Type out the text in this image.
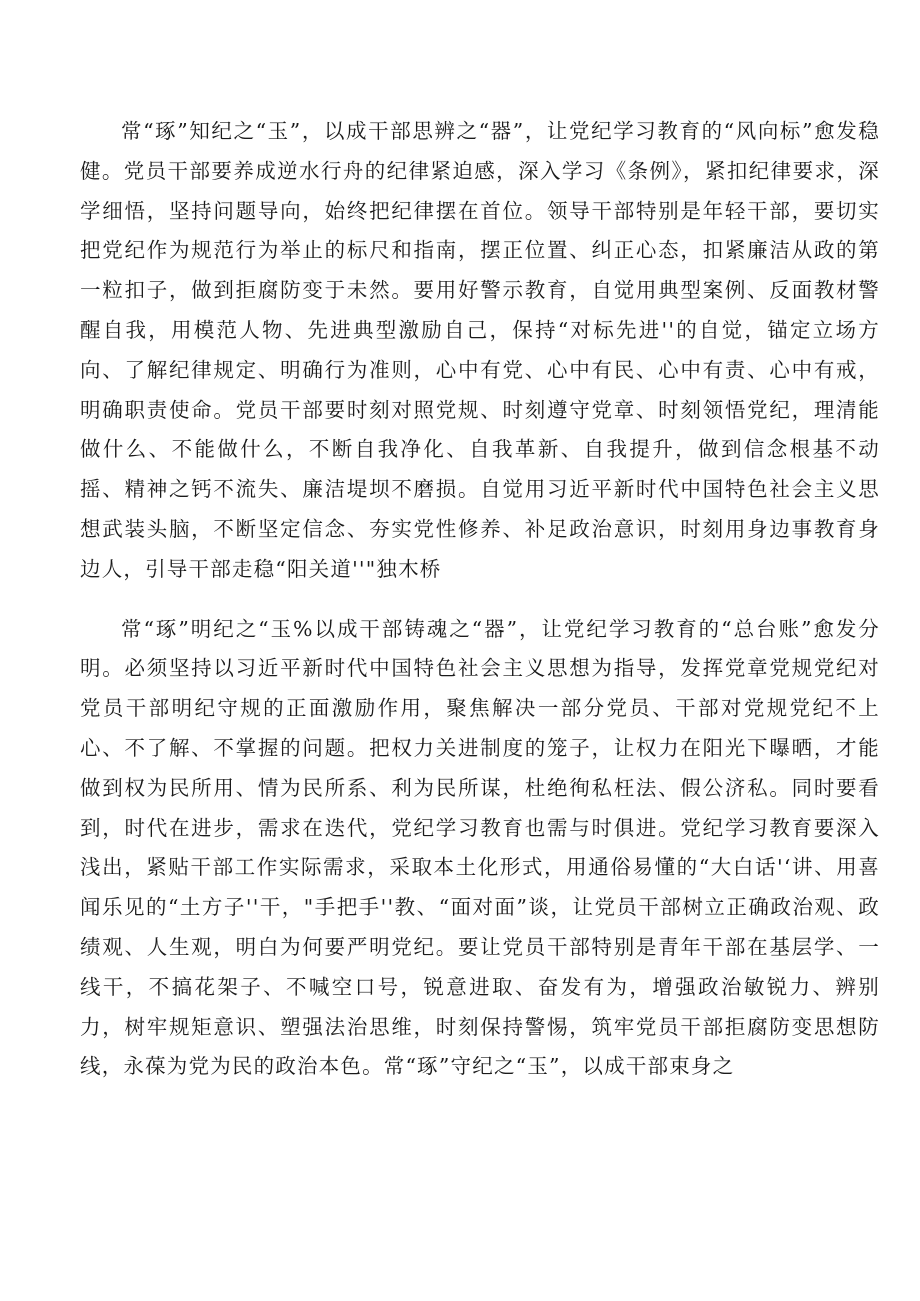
常“琢”知纪之“玉”，以成干部思辨之“器”，让党纪学习教育的“风向标”愈发稳健。党员干部要养成逆水行舟的纪律紧迫感，深入学习《条例》，紧扣纪律要求，深学细悟，坚持问题导向，始终把纪律摆在首位。领导干部特别是年轻干部，要切实把党纪作为规范行为举止的标尺和指南，摆正位置、纠正心态，扣紧廉洁从政的第一粒扣子，做到拒腐防变于未然。要用好警示教育，自觉用典型案例、反面教材警醒自我，用模范人物、先进典型激励自己，保持“对标先进''的自觉，锚定立场方向、了解纪律规定、明确行为准则，心中有党、心中有民、心中有责、心中有戒，明确职责使命。党员干部要时刻对照党规、时刻遵守党章、时刻领悟党纪，理清能做什么、不能做什么，不断自我净化、自我革新、自我提升，做到信念根基不动摇、精神之钙不流失、廉洁堤坝不磨损。自觉用习近平新时代中国特色社会主义思想武装头脑，不断坚定信念、夯实党性修养、补足政治意识，时刻用身边事教育身边人，引导干部走稳“阳关道''"独木桥

常“琢”明纪之“玉%以成干部铸魂之“器”，让党纪学习教育的“总台账”愈发分明。必须坚持以习近平新时代中国特色社会主义思想为指导，发挥党章党规党纪对党员干部明纪守规的正面激励作用，聚焦解决一部分党员、干部对党规党纪不上心、不了解、不掌握的问题。把权力关进制度的笼子，让权力在阳光下曝晒，才能做到权为民所用、情为民所系、利为民所谋，杜绝徇私枉法、假公济私。同时要看到，时代在进步，需求在迭代，党纪学习教育也需与时俱进。党纪学习教育要深入浅出，紧贴干部工作实际需求，采取本土化形式，用通俗易懂的“大白话'‘讲、用喜闻乐见的“土方子''干，"手把手''教、“面对面”谈，让党员干部树立正确政治观、政绩观、人生观，明白为何要严明党纪。要让党员干部特别是青年干部在基层学、一线干，不搞花架子、不喊空口号，锐意进取、奋发有为，增强政治敏锐力、辨别力，树牢规矩意识、塑强法治思维，时刻保持警惕，筑牢党员干部拒腐防变思想防线，永葆为党为民的政治本色。常“琢”守纪之“玉”，以成干部束身之
